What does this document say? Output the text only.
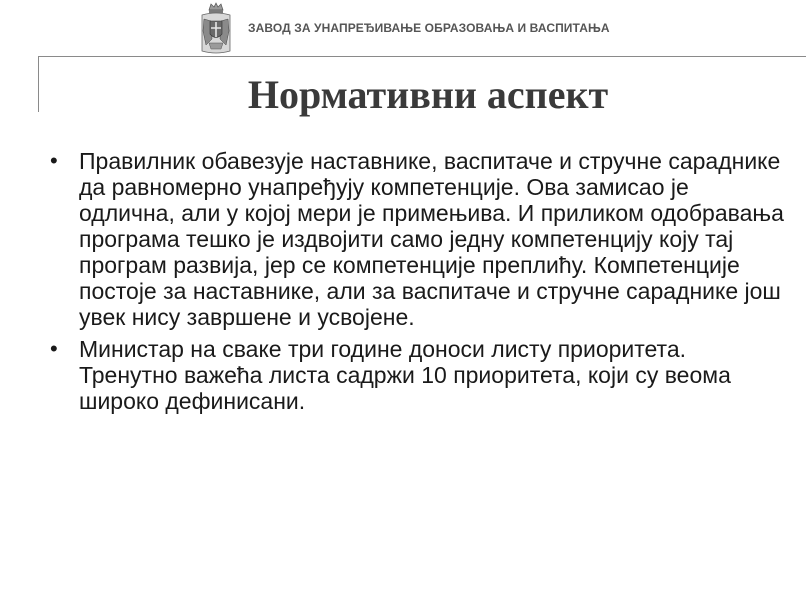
ЗАВОД ЗА УНАПРЕЂИВАЊЕ ОБРАЗОВАЊА И ВАСПИТАЊА
Нормативни аспект
• Правилник обавезује наставнике, васпитаче и стручне сараднике да равномерно унапређују компетенције. Ова замисао је одлична, али у којој мери је примењива. И приликом одобравања програма тешко је издвојити само једну компетенцију коју тај програм развија, јер се компетенције преплићу. Компетенције постоје за наставнике, али за васпитаче и стручне сараднике још увек нису завршене и усвојене.
• Министар на сваке три године доноси листу приоритета. Тренутно важећа листа садржи 10 приоритета, који су веома широко дефинисани.
